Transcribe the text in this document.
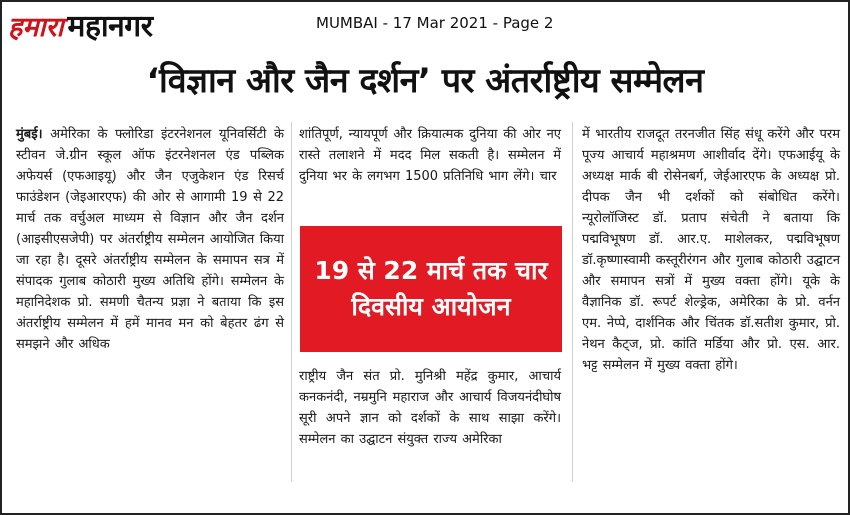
हमारा महानगर	MUMBAI - 17 Mar 2021 - Page 2
‘विज्ञान और जैन दर्शन’ पर अंतर्राष्ट्रीय सम्मेलन
मुंबई। अमेरिका के फ्लोरिडा इंटरनेशनल यूनिवर्सिटी के स्टीवन जे.ग्रीन स्कूल ऑफ इंटरनेशनल एंड पब्लिक अफेयर्स (एफआइयू) और जैन एजुकेशन एंड रिसर्च फाउंडेशन (जेइआरएफ) की ओर से आगामी 19 से 22 मार्च तक वर्चुअल माध्यम से विज्ञान और जैन दर्शन (आइसीएसजेपी) पर अंतर्राष्ट्रीय सम्मेलन आयोजित किया जा रहा है। दूसरे अंतर्राष्ट्रीय सम्मेलन के समापन सत्र में संपादक गुलाब कोठारी मुख्य अतिथि होंगे। सम्मेलन के महानिदेशक प्रो. समणी चैतन्य प्रज्ञा ने बताया कि इस अंतर्राष्ट्रीय सम्मेलन में हमें मानव मन को बेहतर ढंग से समझने और अधिक
शांतिपूर्ण, न्यायपूर्ण और क्रियात्मक दुनिया की ओर नए रास्ते तलाशने में मदद मिल सकती है। सम्मेलन में दुनिया भर के लगभग 1500 प्रतिनिधि भाग लेंगे। चार
19 से 22 मार्च तक चार दिवसीय आयोजन
राष्ट्रीय जैन संत प्रो. मुनिश्री महेंद्र कुमार, आचार्य कनकनंदी, नम्रमुनि महाराज और आचार्य विजयनंदीघोष सूरी अपने ज्ञान को दर्शकों के साथ साझा करेंगे। सम्मेलन का उद्घाटन संयुक्त राज्य अमेरिका
में भारतीय राजदूत तरनजीत सिंह संधू करेंगे और परम पूज्य आचार्य महाश्रमण आशीर्वाद देंगे। एफआईयू के अध्यक्ष मार्क बी रोसेनबर्ग, जेईआरएफ के अध्यक्ष प्रो. दीपक जैन भी दर्शकों को संबोधित करेंगे। न्यूरोलॉजिस्ट डॉ. प्रताप संचेती ने बताया कि पद्मविभूषण डॉ. आर.ए. माशेलकर, पद्मविभूषण डॉ.कृष्णास्वामी कस्तूरीरंगन और गुलाब कोठारी उद्घाटन और समापन सत्रों में मुख्य वक्ता होंगे। यूके के वैज्ञानिक डॉ. रूपर्ट शेल्ड्रेक, अमेरिका के प्रो. वर्नन एम. नेप्पे, दार्शनिक और चिंतक डॉ.सतीश कुमार, प्रो. नेथन कैट्ज, प्रो. कांति मर्डिया और प्रो. एस. आर. भट्ट सम्मेलन में मुख्य वक्ता होंगे।
